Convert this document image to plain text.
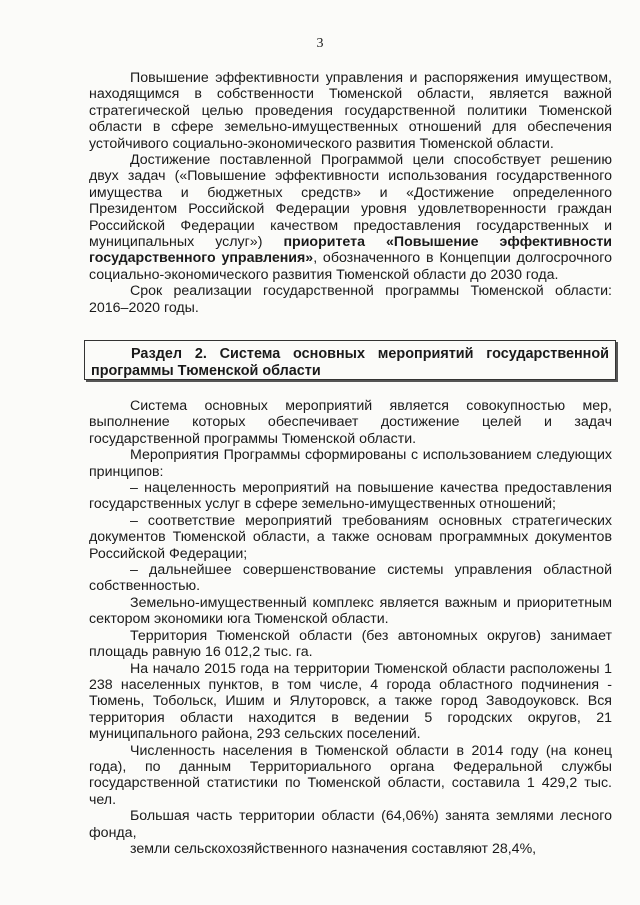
3

Повышение эффективности управления и распоряжения имуществом, находящимся в собственности Тюменской области, является важной стратегической целью проведения государственной политики Тюменской области в сфере земельно-имущественных отношений для обеспечения устойчивого социально-экономического развития Тюменской области.

Достижение поставленной Программой цели способствует решению двух задач («Повышение эффективности использования государственного имущества и бюджетных средств» и «Достижение определенного Президентом Российской Федерации уровня удовлетворенности граждан Российской Федерации качеством предоставления государственных и муниципальных услуг») приоритета «Повышение эффективности государственного управления», обозначенного в Концепции долгосрочного социально-экономического развития Тюменской области до 2030 года.

Срок реализации государственной программы Тюменской области: 2016–2020 годы.

Раздел 2. Система основных мероприятий государственной
программы Тюменской области

Система основных мероприятий является совокупностью мер, выполнение которых обеспечивает достижение целей и задач государственной программы Тюменской области.

Мероприятия Программы сформированы с использованием следующих принципов:

– нацеленность мероприятий на повышение качества предоставления государственных услуг в сфере земельно-имущественных отношений;

– соответствие мероприятий требованиям основных стратегических документов Тюменской области, а также основам программных документов Российской Федерации;

– дальнейшее совершенствование системы управления областной собственностью.

Земельно-имущественный комплекс является важным и приоритетным сектором экономики юга Тюменской области.

Территория Тюменской области (без автономных округов) занимает площадь равную 16 012,2 тыс. га.

На начало 2015 года на территории Тюменской области расположены 1 238 населенных пунктов, в том числе, 4 города областного подчинения - Тюмень, Тобольск, Ишим и Ялуторовск, а также город Заводоуковск. Вся территория области находится в ведении 5 городских округов, 21 муниципального района, 293 сельских поселений.

Численность населения в Тюменской области в 2014 году (на конец года), по данным Территориального органа Федеральной службы государственной статистики по Тюменской области, составила 1 429,2 тыс. чел.

Большая часть территории области (64,06%) занята землями лесного фонда,

земли сельскохозяйственного назначения составляют 28,4%,
